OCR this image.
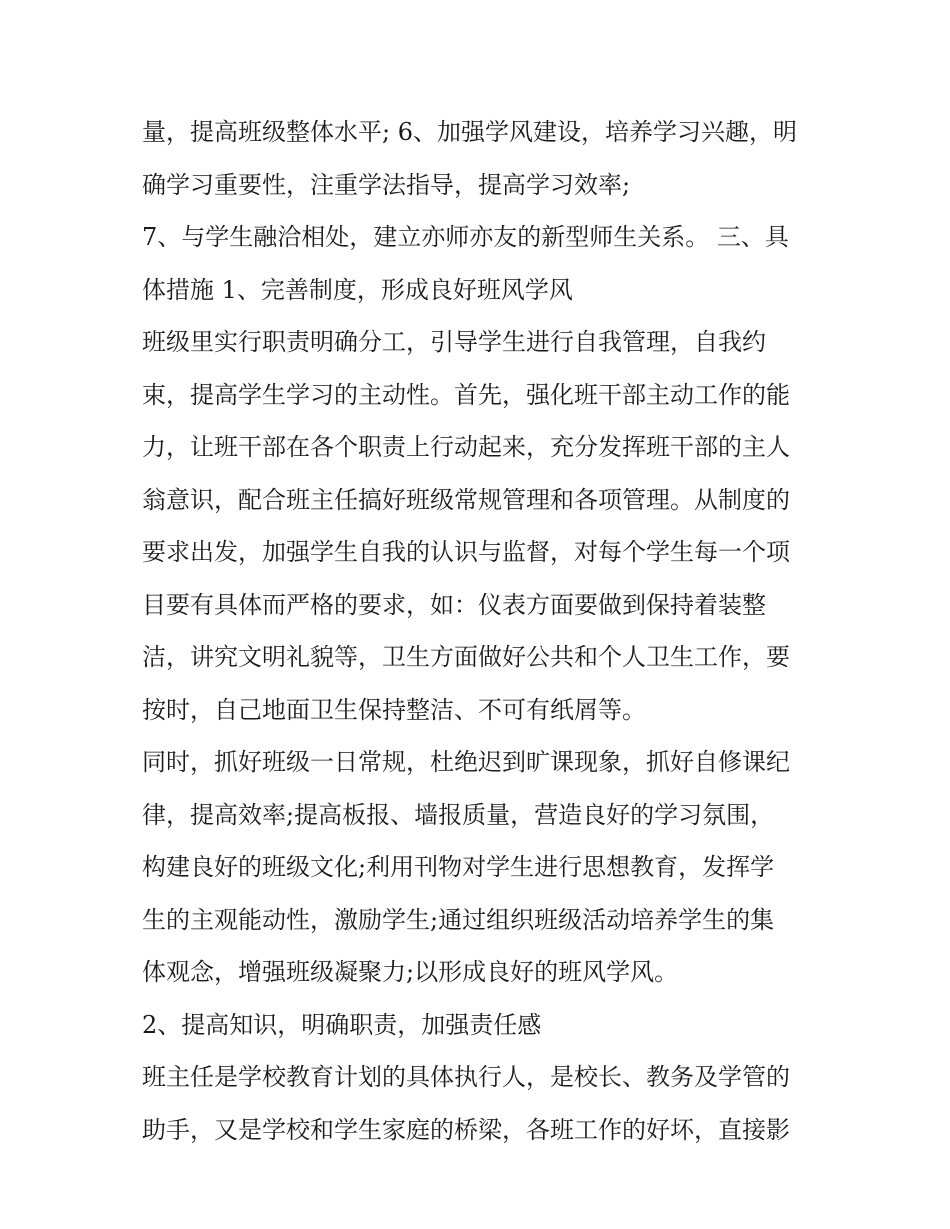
量，提高班级整体水平; 6、加强学风建设，培养学习兴趣，明
确学习重要性，注重学法指导，提高学习效率;
7、与学生融洽相处，建立亦师亦友的新型师生关系。 三、具
体措施 1、完善制度，形成良好班风学风
班级里实行职责明确分工，引导学生进行自我管理，自我约
束，提高学生学习的主动性。首先，强化班干部主动工作的能
力，让班干部在各个职责上行动起来，充分发挥班干部的主人
翁意识，配合班主任搞好班级常规管理和各项管理。从制度的
要求出发，加强学生自我的认识与监督，对每个学生每一个项
目要有具体而严格的要求，如：仪表方面要做到保持着装整
洁，讲究文明礼貌等，卫生方面做好公共和个人卫生工作，要
按时，自己地面卫生保持整洁、不可有纸屑等。
同时，抓好班级一日常规，杜绝迟到旷课现象，抓好自修课纪
律，提高效率;提高板报、墙报质量，营造良好的学习氛围，
构建良好的班级文化;利用刊物对学生进行思想教育，发挥学
生的主观能动性，激励学生;通过组织班级活动培养学生的集
体观念，增强班级凝聚力;以形成良好的班风学风。
2、提高知识，明确职责，加强责任感
班主任是学校教育计划的具体执行人，是校长、教务及学管的
助手，又是学校和学生家庭的桥梁，各班工作的好坏，直接影
